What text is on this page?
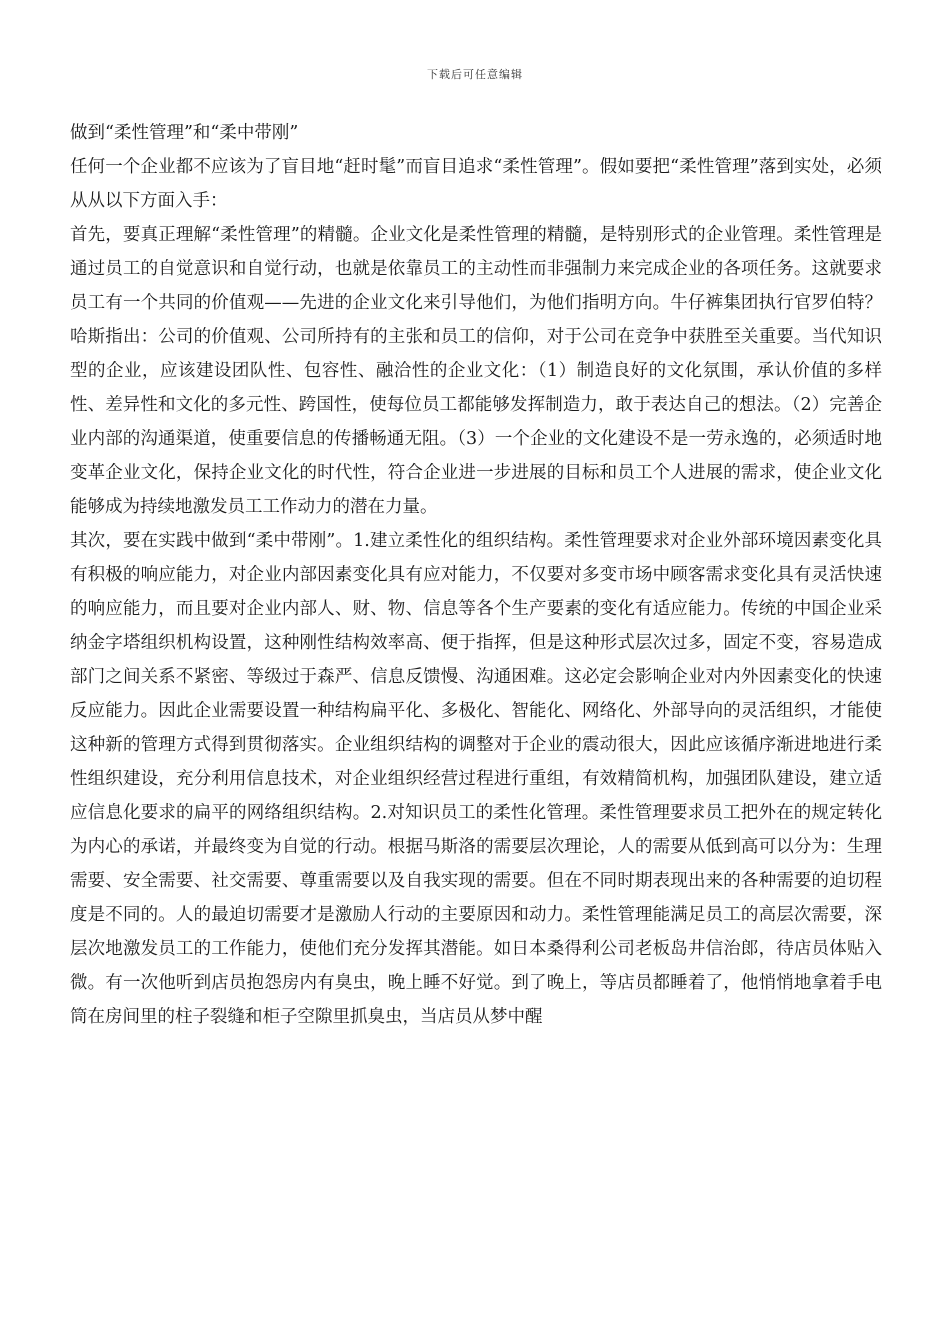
下载后可任意编辑

做到“柔性管理”和“柔中带刚”

任何一个企业都不应该为了盲目地“赶时髦”而盲目追求“柔性管理”。假如要把“柔性管理”落到实处，必须从从以下方面入手：

首先，要真正理解“柔性管理”的精髓。企业文化是柔性管理的精髓，是特别形式的企业管理。柔性管理是通过员工的自觉意识和自觉行动，也就是依靠员工的主动性而非强制力来完成企业的各项任务。这就要求员工有一个共同的价值观——先进的企业文化来引导他们，为他们指明方向。牛仔裤集团执行官罗伯特？哈斯指出：公司的价值观、公司所持有的主张和员工的信仰，对于公司在竞争中获胜至关重要。当代知识型的企业，应该建设团队性、包容性、融洽性的企业文化：（1）制造良好的文化氛围，承认价值的多样性、差异性和文化的多元性、跨国性，使每位员工都能够发挥制造力，敢于表达自己的想法。（2）完善企业内部的沟通渠道，使重要信息的传播畅通无阻。（3）一个企业的文化建设不是一劳永逸的，必须适时地变革企业文化，保持企业文化的时代性，符合企业进一步进展的目标和员工个人进展的需求，使企业文化能够成为持续地激发员工工作动力的潜在力量。

其次，要在实践中做到“柔中带刚”。1.建立柔性化的组织结构。柔性管理要求对企业外部环境因素变化具有积极的响应能力，对企业内部因素变化具有应对能力，不仅要对多变市场中顾客需求变化具有灵活快速的响应能力，而且要对企业内部人、财、物、信息等各个生产要素的变化有适应能力。传统的中国企业采纳金字塔组织机构设置，这种刚性结构效率高、便于指挥，但是这种形式层次过多，固定不变，容易造成部门之间关系不紧密、等级过于森严、信息反馈慢、沟通困难。这必定会影响企业对内外因素变化的快速反应能力。因此企业需要设置一种结构扁平化、多极化、智能化、网络化、外部导向的灵活组织，才能使这种新的管理方式得到贯彻落实。企业组织结构的调整对于企业的震动很大，因此应该循序渐进地进行柔性组织建设，充分利用信息技术，对企业组织经营过程进行重组，有效精简机构，加强团队建设，建立适应信息化要求的扁平的网络组织结构。2.对知识员工的柔性化管理。柔性管理要求员工把外在的规定转化为内心的承诺，并最终变为自觉的行动。根据马斯洛的需要层次理论，人的需要从低到高可以分为：生理需要、安全需要、社交需要、尊重需要以及自我实现的需要。但在不同时期表现出来的各种需要的迫切程度是不同的。人的最迫切需要才是激励人行动的主要原因和动力。柔性管理能满足员工的高层次需要，深层次地激发员工的工作能力，使他们充分发挥其潜能。如日本桑得利公司老板岛井信治郎，待店员体贴入微。有一次他听到店员抱怨房内有臭虫，晚上睡不好觉。到了晚上，等店员都睡着了，他悄悄地拿着手电筒在房间里的柱子裂缝和柜子空隙里抓臭虫，当店员从梦中醒
